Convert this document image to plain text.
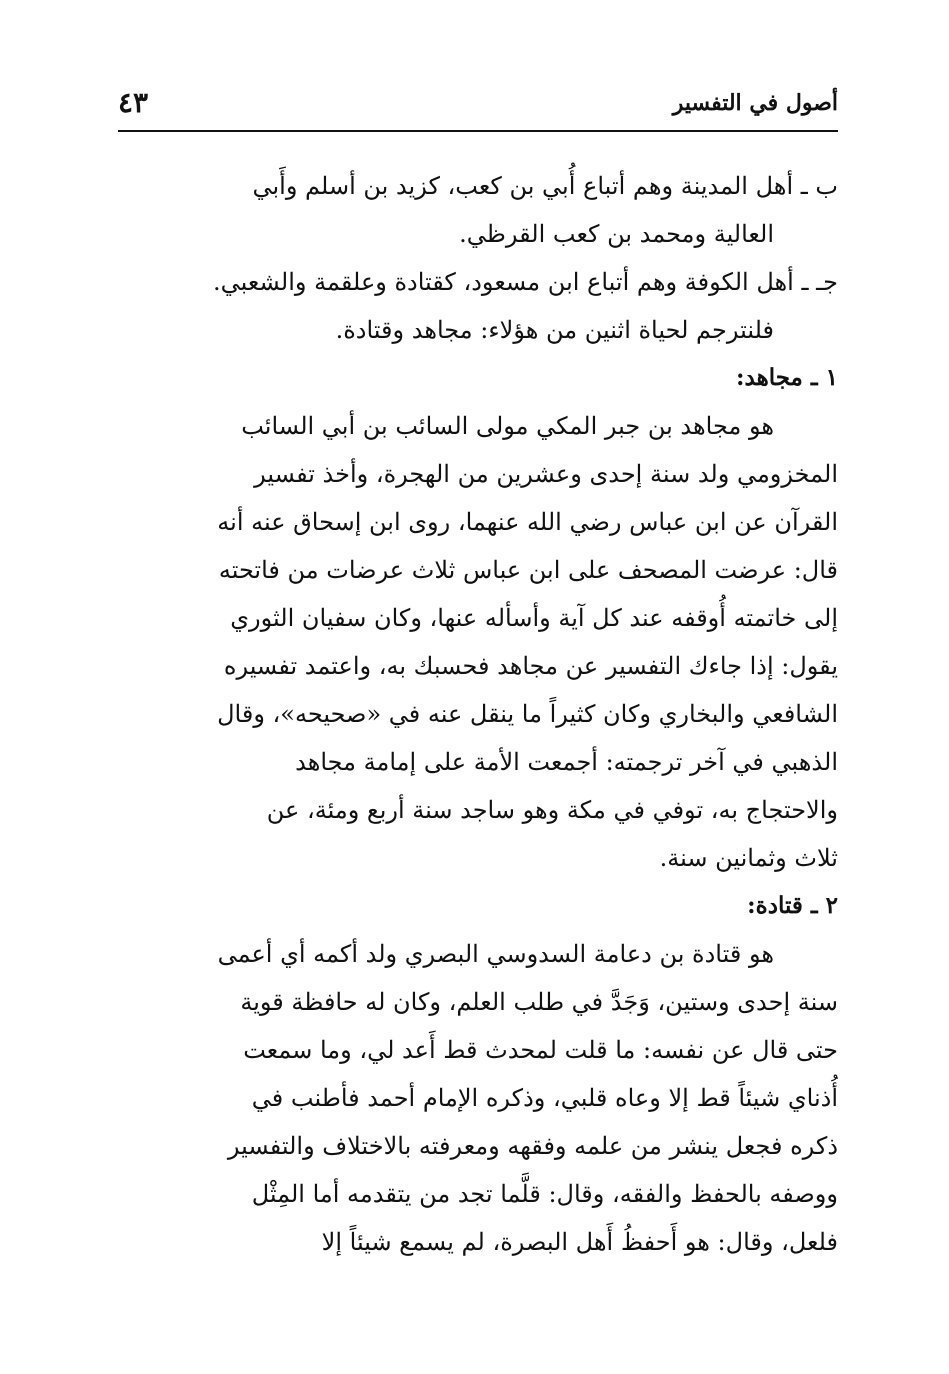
أصول في التفسير
٤٣
ب ـ أهل المدينة وهم أتباع أُبي بن كعب، كزيد بن أسلم وأَبي
العالية ومحمد بن كعب القرظي.
جـ ـ أهل الكوفة وهم أتباع ابن مسعود، كقتادة وعلقمة والشعبي.
فلنترجم لحياة اثنين من هؤلاء: مجاهد وقتادة.
١ ـ مجاهد:
هو مجاهد بن جبر المكي مولى السائب بن أبي السائب
المخزومي ولد سنة إحدى وعشرين من الهجرة، وأخذ تفسير
القرآن عن ابن عباس رضي الله عنهما، روى ابن إسحاق عنه أنه
قال: عرضت المصحف على ابن عباس ثلاث عرضات من فاتحته
إلى خاتمته أُوقفه عند كل آية وأسأله عنها، وكان سفيان الثوري
يقول: إذا جاءك التفسير عن مجاهد فحسبك به، واعتمد تفسيره
الشافعي والبخاري وكان كثيراً ما ينقل عنه في «صحيحه»، وقال
الذهبي في آخر ترجمته: أجمعت الأمة على إمامة مجاهد
والاحتجاج به، توفي في مكة وهو ساجد سنة أربع ومئة، عن
ثلاث وثمانين سنة.
٢ ـ قتادة:
هو قتادة بن دعامة السدوسي البصري ولد أكمه أي أعمى
سنة إحدى وستين، وَجَدَّ في طلب العلم، وكان له حافظة قوية
حتى قال عن نفسه: ما قلت لمحدث قط أَعد لي، وما سمعت
أُذناي شيئاً قط إلا وعاه قلبي، وذكره الإمام أحمد فأطنب في
ذكره فجعل ينشر من علمه وفقهه ومعرفته بالاختلاف والتفسير
ووصفه بالحفظ والفقه، وقال: قلَّما تجد من يتقدمه أما المِثْل
فلعل، وقال: هو أَحفظُ أَهل البصرة، لم يسمع شيئاً إلا
